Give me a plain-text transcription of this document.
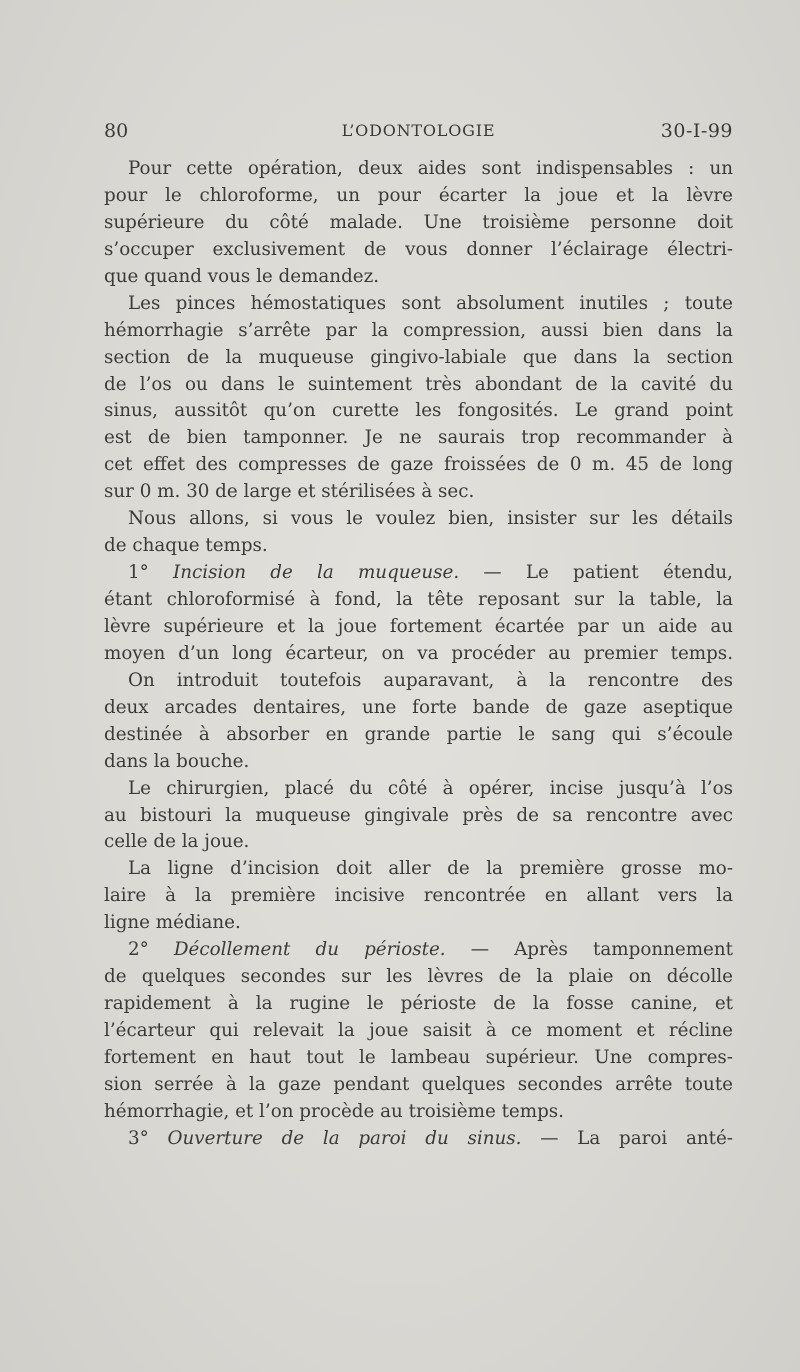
80	L’ODONTOLOGIE	30-I-99
Pour cette opération, deux aides sont indispensables : un
pour le chloroforme, un pour écarter la joue et la lèvre
supérieure du côté malade. Une troisième personne doit
s’occuper exclusivement de vous donner l’éclairage électri-
que quand vous le demandez.
Les pinces hémostatiques sont absolument inutiles ; toute
hémorrhagie s’arrête par la compression, aussi bien dans la
section de la muqueuse gingivo-labiale que dans la section
de l’os ou dans le suintement très abondant de la cavité du
sinus, aussitôt qu’on curette les fongosités. Le grand point
est de bien tamponner. Je ne saurais trop recommander à
cet effet des compresses de gaze froissées de 0 m. 45 de long
sur 0 m. 30 de large et stérilisées à sec.
Nous allons, si vous le voulez bien, insister sur les détails
de chaque temps.
1° Incision de la muqueuse. — Le patient étendu,
étant chloroformisé à fond, la tête reposant sur la table, la
lèvre supérieure et la joue fortement écartée par un aide au
moyen d’un long écarteur, on va procéder au premier temps.
On introduit toutefois auparavant, à la rencontre des
deux arcades dentaires, une forte bande de gaze aseptique
destinée à absorber en grande partie le sang qui s’écoule
dans la bouche.
Le chirurgien, placé du côté à opérer, incise jusqu’à l’os
au bistouri la muqueuse gingivale près de sa rencontre avec
celle de la joue.
La ligne d’incision doit aller de la première grosse mo-
laire à la première incisive rencontrée en allant vers la
ligne médiane.
2° Décollement du périoste. — Après tamponnement
de quelques secondes sur les lèvres de la plaie on décolle
rapidement à la rugine le périoste de la fosse canine, et
l’écarteur qui relevait la joue saisit à ce moment et récline
fortement en haut tout le lambeau supérieur. Une compres-
sion serrée à la gaze pendant quelques secondes arrête toute
hémorrhagie, et l’on procède au troisième temps.
3° Ouverture de la paroi du sinus. — La paroi anté-
